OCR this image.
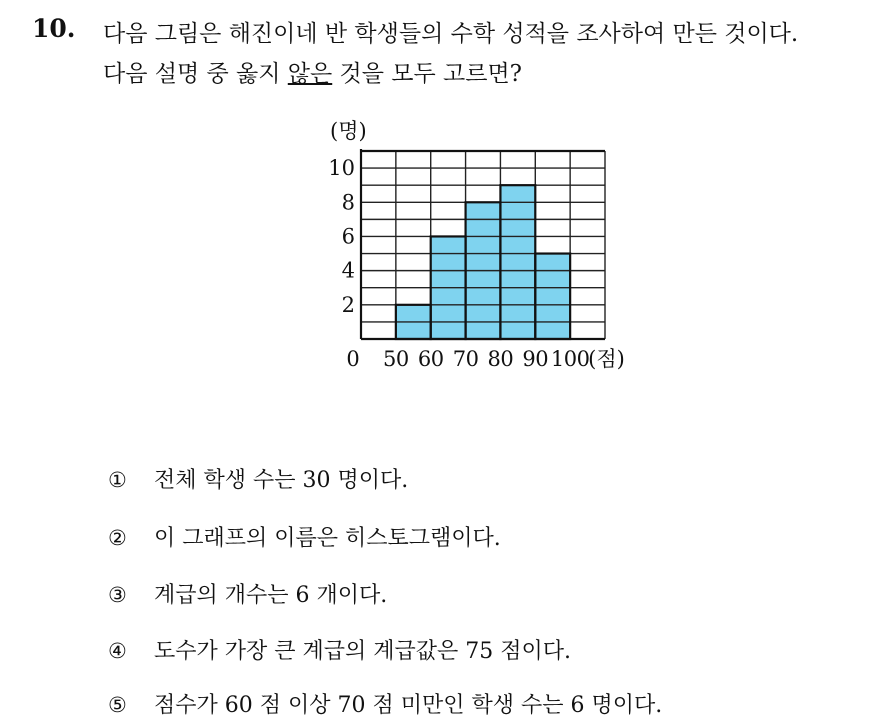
10. 다음 그림은 해진이네 반 학생들의 수학 성적을 조사하여 만든 것이다.
다음 설명 중 옳지 않은 것을 모두 고르면?
2
4
6
8
10
50 60 70 80 90 100
0	(점)
(명)
① 전체 학생 수는 30 명이다.
② 이 그래프의 이름은 히스토그램이다.
③ 계급의 개수는 6 개이다.
④ 도수가 가장 큰 계급의 계급값은 75 점이다.
⑤ 점수가 60 점 이상 70 점 미만인 학생 수는 6 명이다.
